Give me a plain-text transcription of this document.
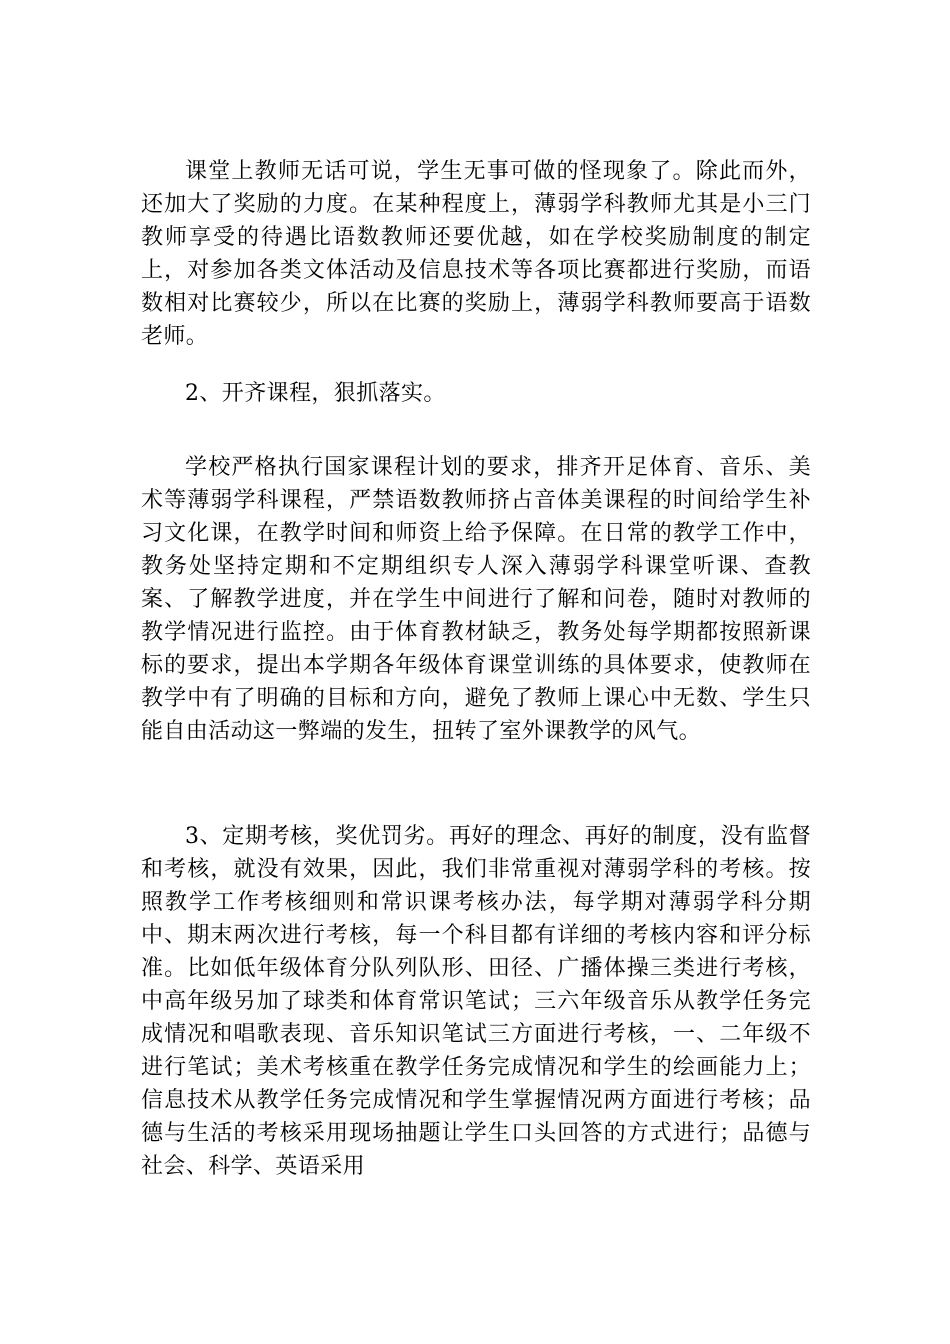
课堂上教师无话可说，学生无事可做的怪现象了。除此而外，还加大了奖励的力度。在某种程度上，薄弱学科教师尤其是小三门教师享受的待遇比语数教师还要优越，如在学校奖励制度的制定上，对参加各类文体活动及信息技术等各项比赛都进行奖励，而语数相对比赛较少，所以在比赛的奖励上，薄弱学科教师要高于语数老师。

2、开齐课程，狠抓落实。

学校严格执行国家课程计划的要求，排齐开足体育、音乐、美术等薄弱学科课程，严禁语数教师挤占音体美课程的时间给学生补习文化课，在教学时间和师资上给予保障。在日常的教学工作中，教务处坚持定期和不定期组织专人深入薄弱学科课堂听课、查教案、了解教学进度，并在学生中间进行了解和问卷，随时对教师的教学情况进行监控。由于体育教材缺乏，教务处每学期都按照新课标的要求，提出本学期各年级体育课堂训练的具体要求，使教师在教学中有了明确的目标和方向，避免了教师上课心中无数、学生只能自由活动这一弊端的发生，扭转了室外课教学的风气。

3、定期考核，奖优罚劣。再好的理念、再好的制度，没有监督和考核，就没有效果，因此，我们非常重视对薄弱学科的考核。按照教学工作考核细则和常识课考核办法，每学期对薄弱学科分期中、期末两次进行考核，每一个科目都有详细的考核内容和评分标准。比如低年级体育分队列队形、田径、广播体操三类进行考核，中高年级另加了球类和体育常识笔试；三六年级音乐从教学任务完成情况和唱歌表现、音乐知识笔试三方面进行考核，一、二年级不进行笔试；美术考核重在教学任务完成情况和学生的绘画能力上；信息技术从教学任务完成情况和学生掌握情况两方面进行考核；品德与生活的考核采用现场抽题让学生口头回答的方式进行；品德与社会、科学、英语采用
